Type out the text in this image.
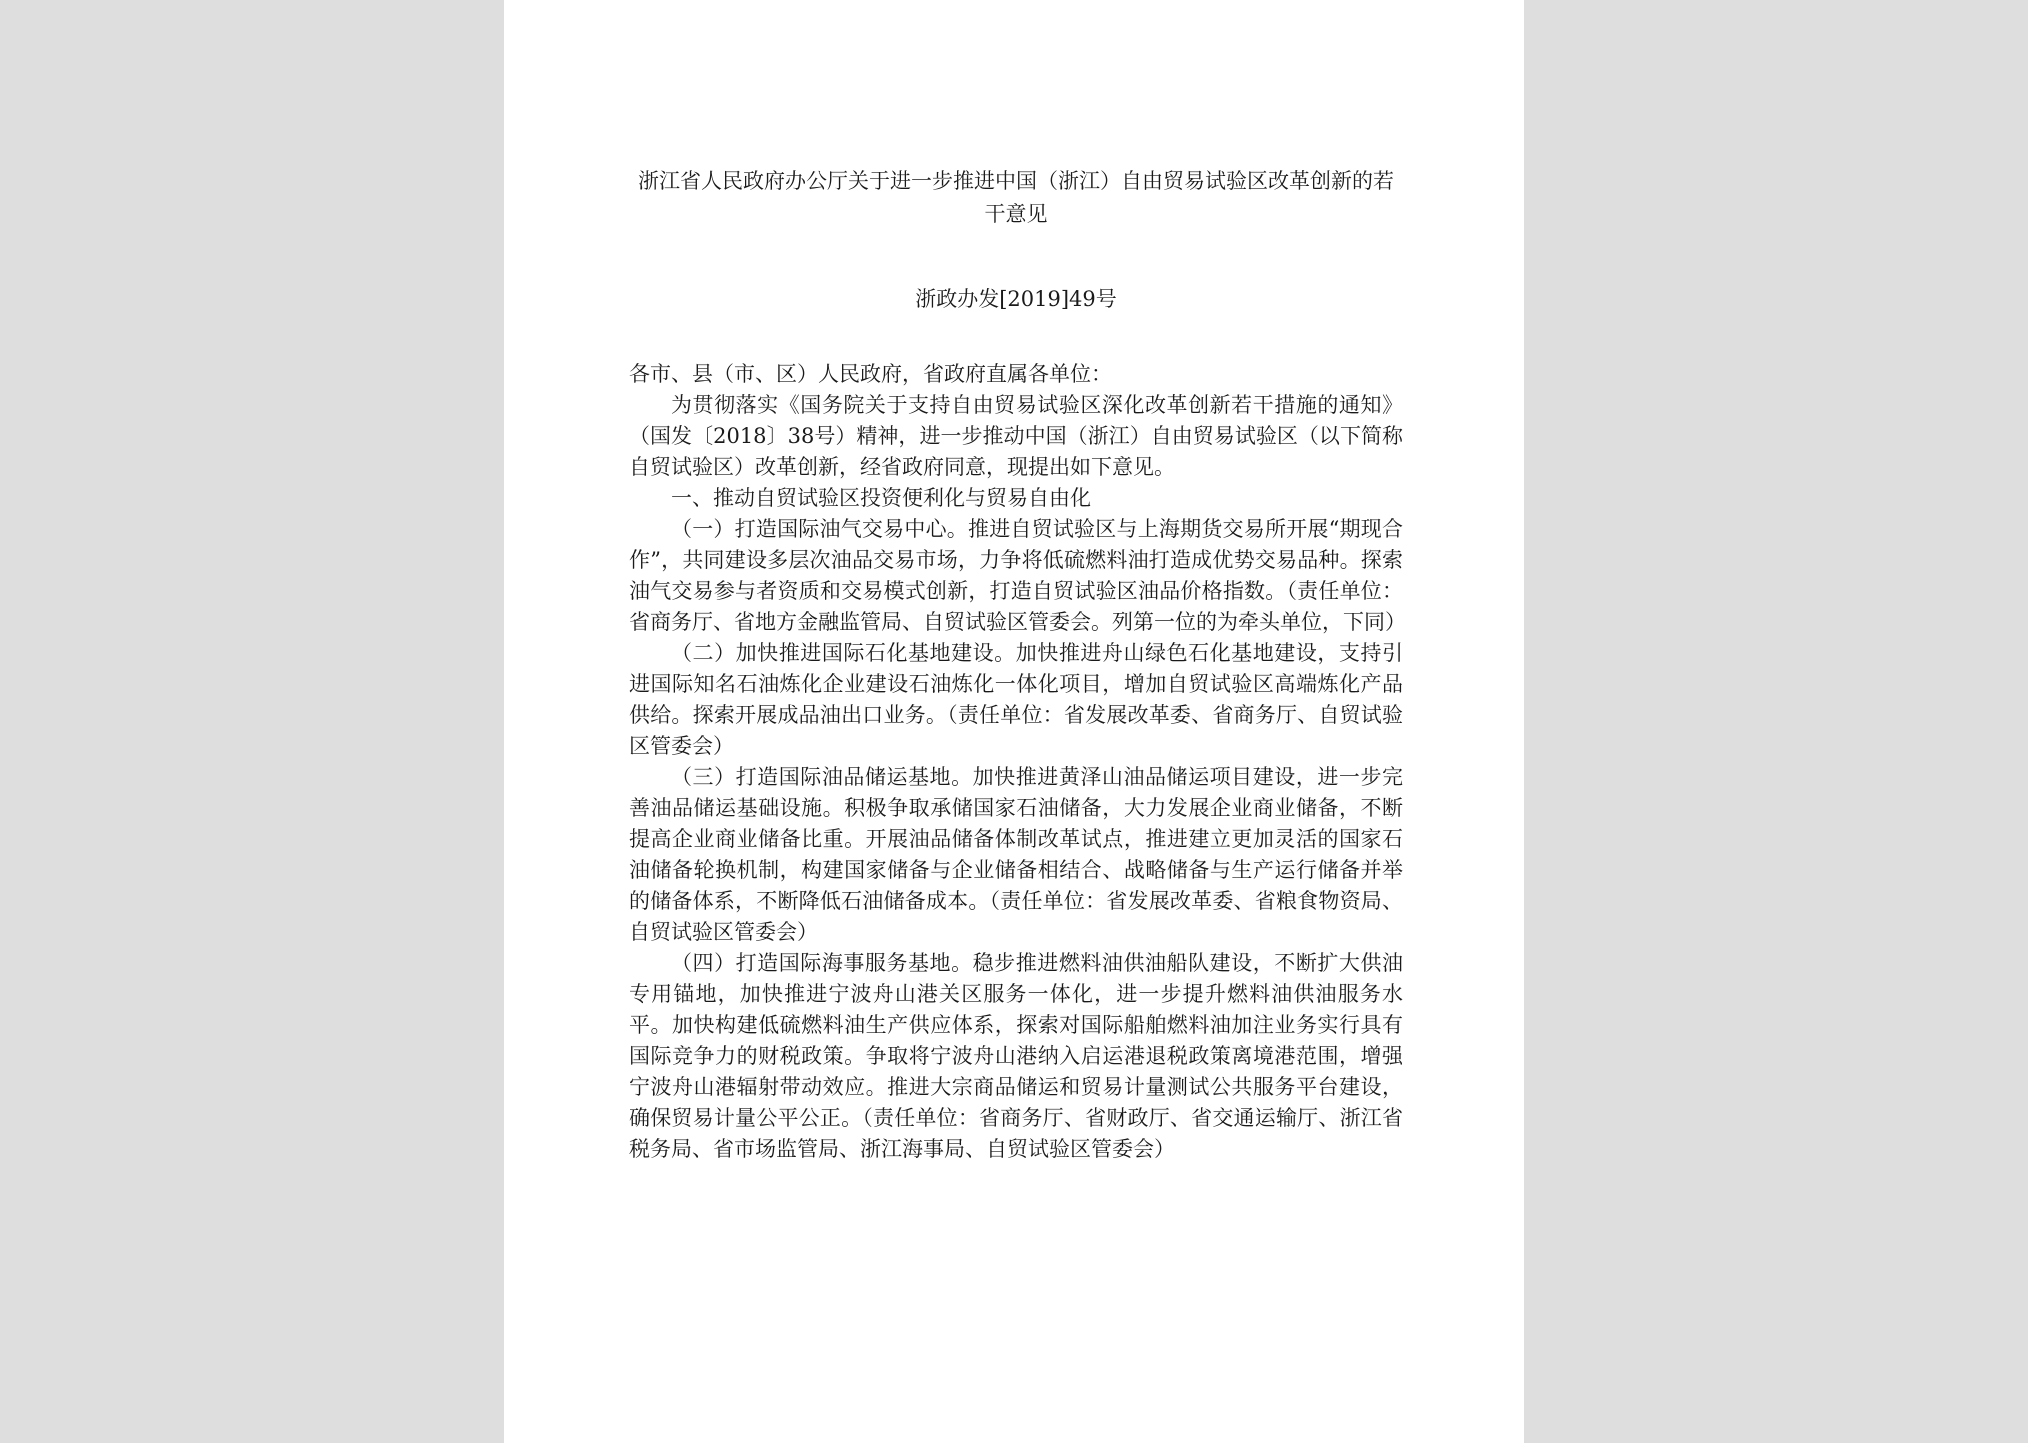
浙江省人民政府办公厅关于进一步推进中国（浙江）自由贸易试验区改革创新的若干意见
浙政办发[2019]49号
各市、县（市、区）人民政府，省政府直属各单位：

为贯彻落实《国务院关于支持自由贸易试验区深化改革创新若干措施的通知》（国发〔2018〕38号）精神，进一步推动中国（浙江）自由贸易试验区（以下简称自贸试验区）改革创新，经省政府同意，现提出如下意见。

一、推动自贸试验区投资便利化与贸易自由化

（一）打造国际油气交易中心。推进自贸试验区与上海期货交易所开展“期现合作”，共同建设多层次油品交易市场，力争将低硫燃料油打造成优势交易品种。探索油气交易参与者资质和交易模式创新，打造自贸试验区油品价格指数。（责任单位：省商务厅、省地方金融监管局、自贸试验区管委会。列第一位的为牵头单位，下同）

（二）加快推进国际石化基地建设。加快推进舟山绿色石化基地建设，支持引进国际知名石油炼化企业建设石油炼化一体化项目，增加自贸试验区高端炼化产品供给。探索开展成品油出口业务。（责任单位：省发展改革委、省商务厅、自贸试验区管委会）

（三）打造国际油品储运基地。加快推进黄泽山油品储运项目建设，进一步完善油品储运基础设施。积极争取承储国家石油储备，大力发展企业商业储备，不断提高企业商业储备比重。开展油品储备体制改革试点，推进建立更加灵活的国家石油储备轮换机制，构建国家储备与企业储备相结合、战略储备与生产运行储备并举的储备体系，不断降低石油储备成本。（责任单位：省发展改革委、省粮食物资局、自贸试验区管委会）

（四）打造国际海事服务基地。稳步推进燃料油供油船队建设，不断扩大供油专用锚地，加快推进宁波舟山港关区服务一体化，进一步提升燃料油供油服务水平。加快构建低硫燃料油生产供应体系，探索对国际船舶燃料油加注业务实行具有国际竞争力的财税政策。争取将宁波舟山港纳入启运港退税政策离境港范围，增强宁波舟山港辐射带动效应。推进大宗商品储运和贸易计量测试公共服务平台建设，确保贸易计量公平公正。（责任单位：省商务厅、省财政厅、省交通运输厅、浙江省税务局、省市场监管局、浙江海事局、自贸试验区管委会）
